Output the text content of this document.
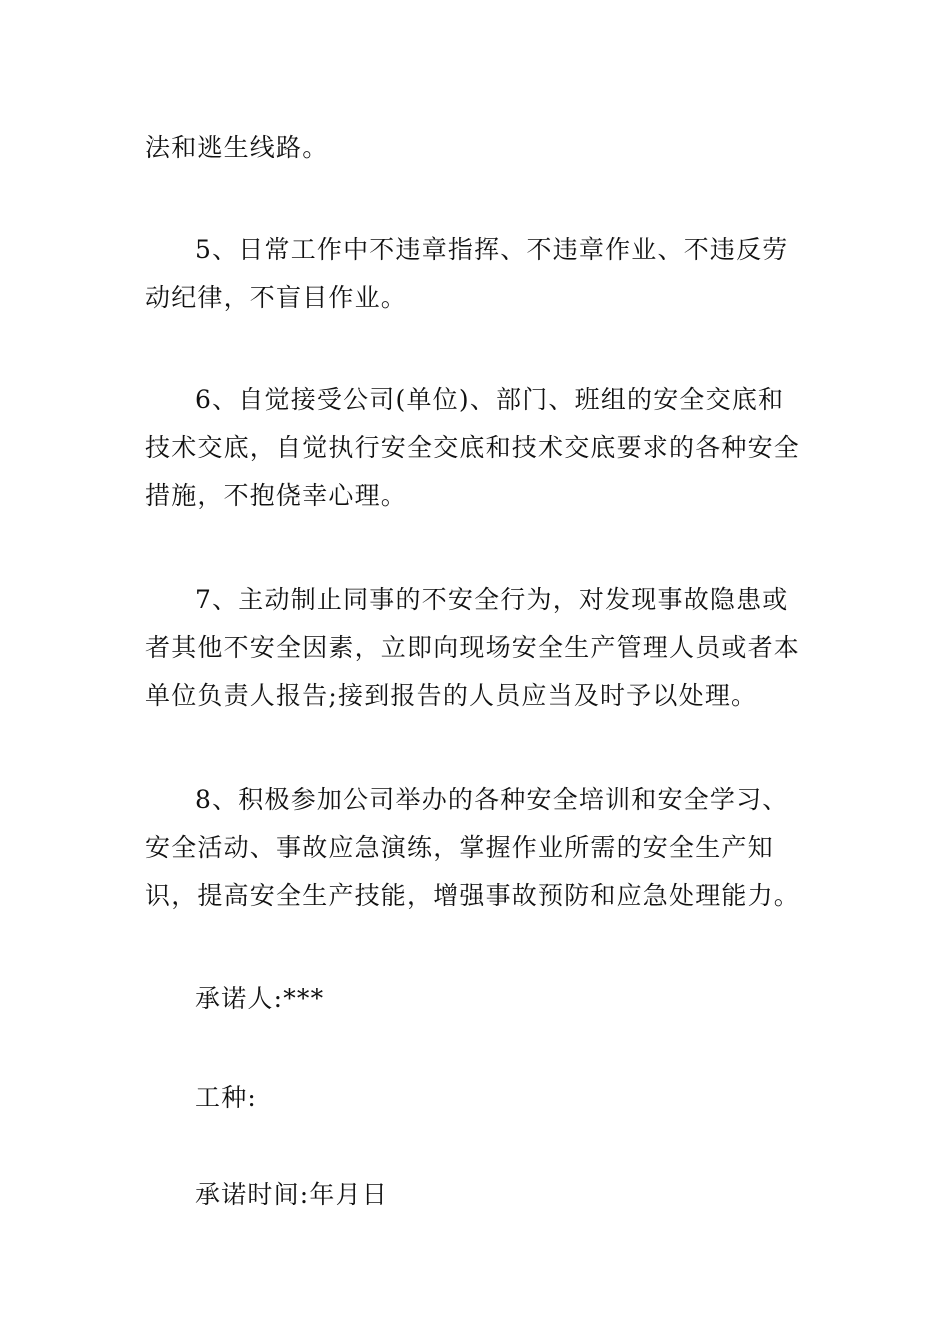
法和逃生线路。

5、日常工作中不违章指挥、不违章作业、不违反劳动纪律，不盲目作业。

6、自觉接受公司(单位)、部门、班组的安全交底和技术交底，自觉执行安全交底和技术交底要求的各种安全措施，不抱侥幸心理。

7、主动制止同事的不安全行为，对发现事故隐患或者其他不安全因素，立即向现场安全生产管理人员或者本单位负责人报告;接到报告的人员应当及时予以处理。

8、积极参加公司举办的各种安全培训和安全学习、安全活动、事故应急演练，掌握作业所需的安全生产知识，提高安全生产技能，增强事故预防和应急处理能力。

承诺人:***

工种:

承诺时间:年月日
